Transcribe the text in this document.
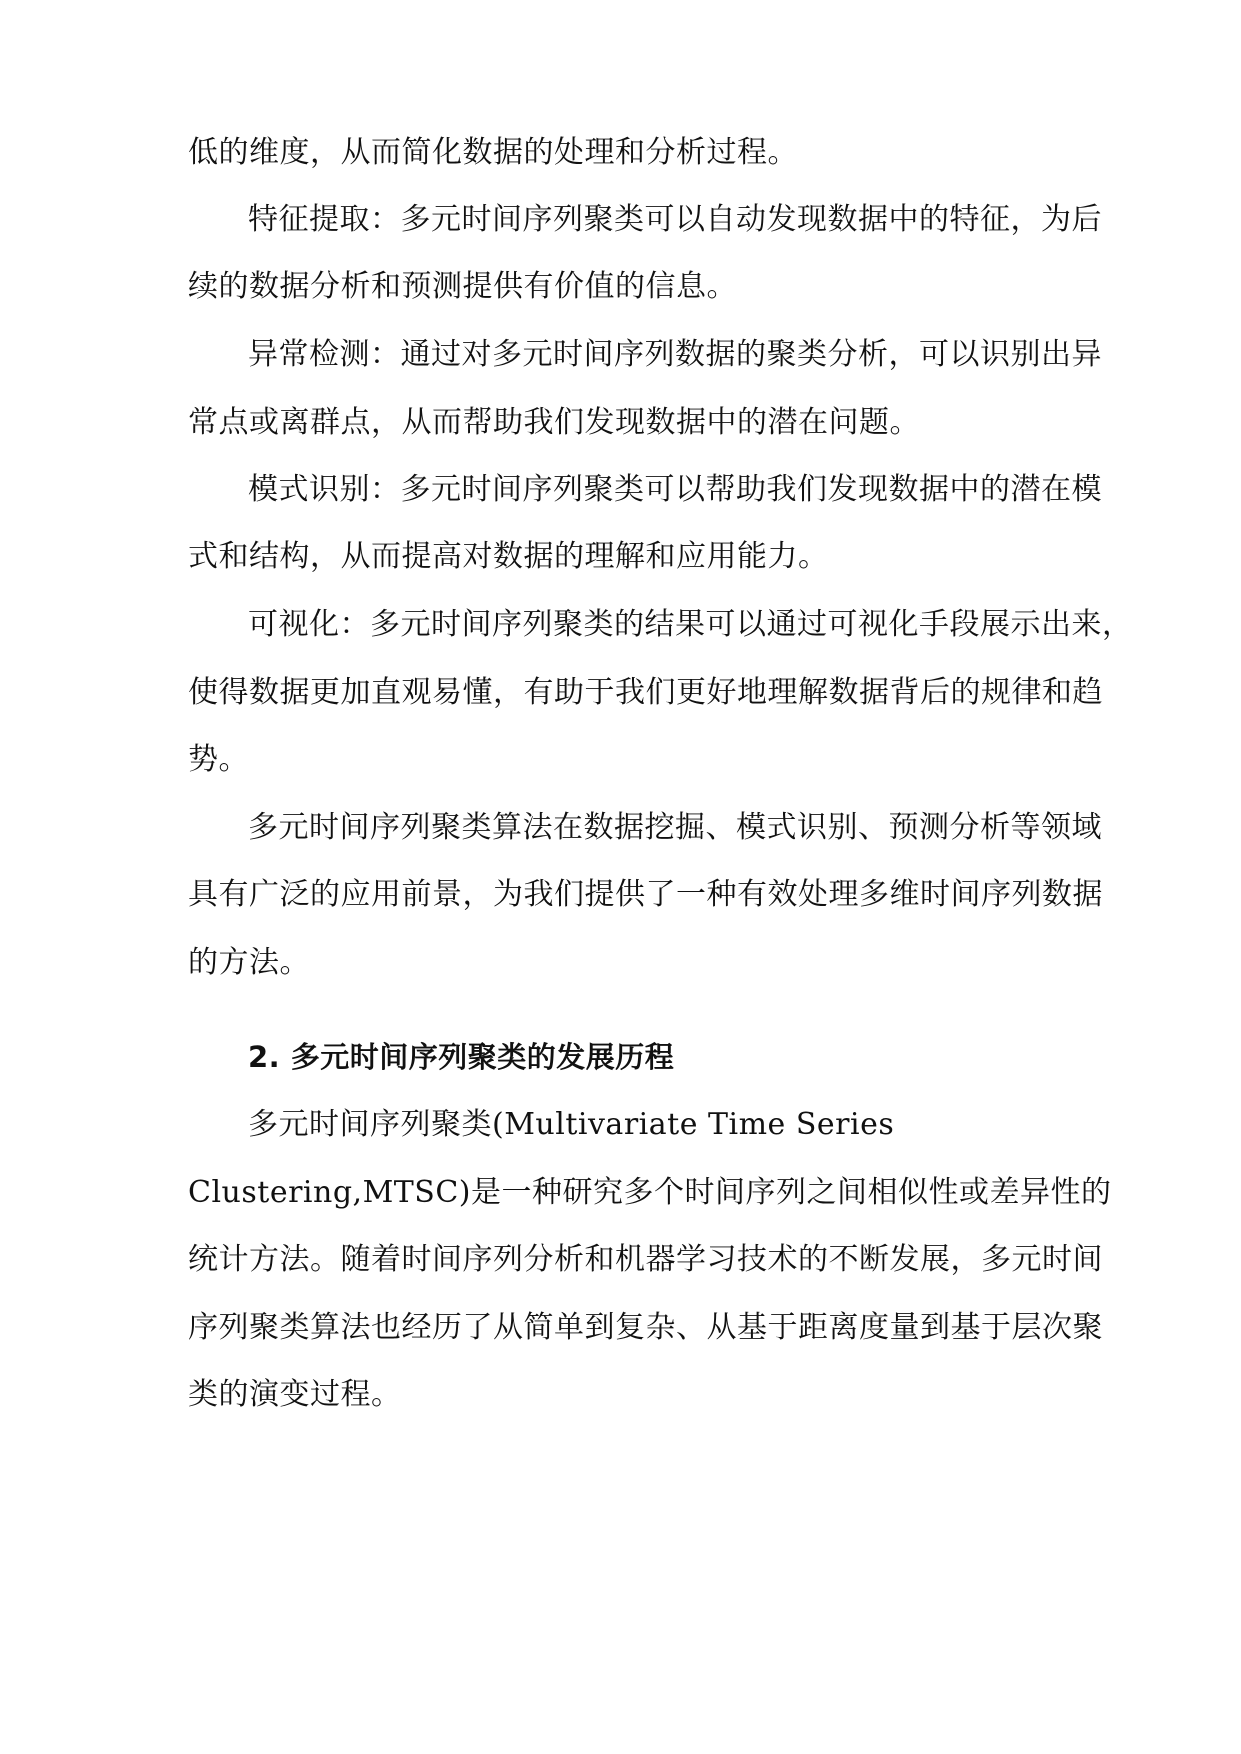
低的维度，从而简化数据的处理和分析过程。
特征提取：多元时间序列聚类可以自动发现数据中的特征，为后
续的数据分析和预测提供有价值的信息。
异常检测：通过对多元时间序列数据的聚类分析，可以识别出异
常点或离群点，从而帮助我们发现数据中的潜在问题。
模式识别：多元时间序列聚类可以帮助我们发现数据中的潜在模
式和结构，从而提高对数据的理解和应用能力。
可视化：多元时间序列聚类的结果可以通过可视化手段展示出来，
使得数据更加直观易懂，有助于我们更好地理解数据背后的规律和趋
势。
多元时间序列聚类算法在数据挖掘、模式识别、预测分析等领域
具有广泛的应用前景，为我们提供了一种有效处理多维时间序列数据
的方法。
2. 多元时间序列聚类的发展历程
多元时间序列聚类(Multivariate Time Series
Clustering,MTSC)是一种研究多个时间序列之间相似性或差异性的
统计方法。随着时间序列分析和机器学习技术的不断发展，多元时间
序列聚类算法也经历了从简单到复杂、从基于距离度量到基于层次聚
类的演变过程。
